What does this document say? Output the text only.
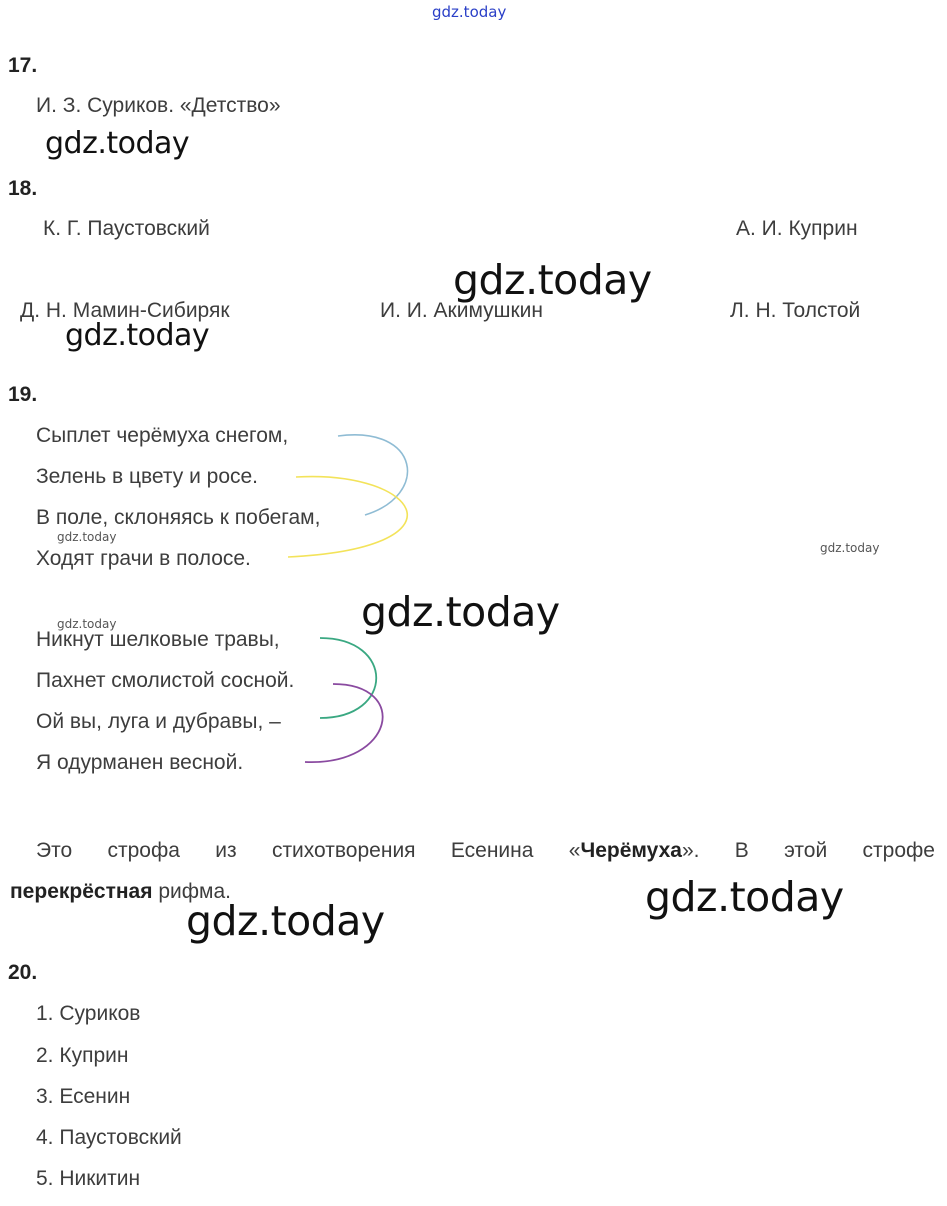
gdz.today
17.
И. З. Суриков. «Детство»
gdz.today
18.
К. Г. Паустовский	А. И. Куприн
gdz.today
Д. Н. Мамин-Сибиряк	И. И. Акимушкин	Л. Н. Толстой
gdz.today
19.
Сыплет черёмуха снегом,
Зелень в цвету и росе.
В поле, склоняясь к побегам,
gdz.today
Ходят грачи в полосе.	gdz.today
gdz.today
gdz.today
Никнут шелковые травы,
Пахнет смолистой сосной.
Ой вы, луга и дубравы, –
Я одурманен весной.
Это строфа из стихотворения Есенина «Черёмуха». В этой строфе
перекрёстная рифма.	gdz.today
gdz.today
20.
1. Суриков
2. Куприн
3. Есенин
4. Паустовский
5. Никитин
